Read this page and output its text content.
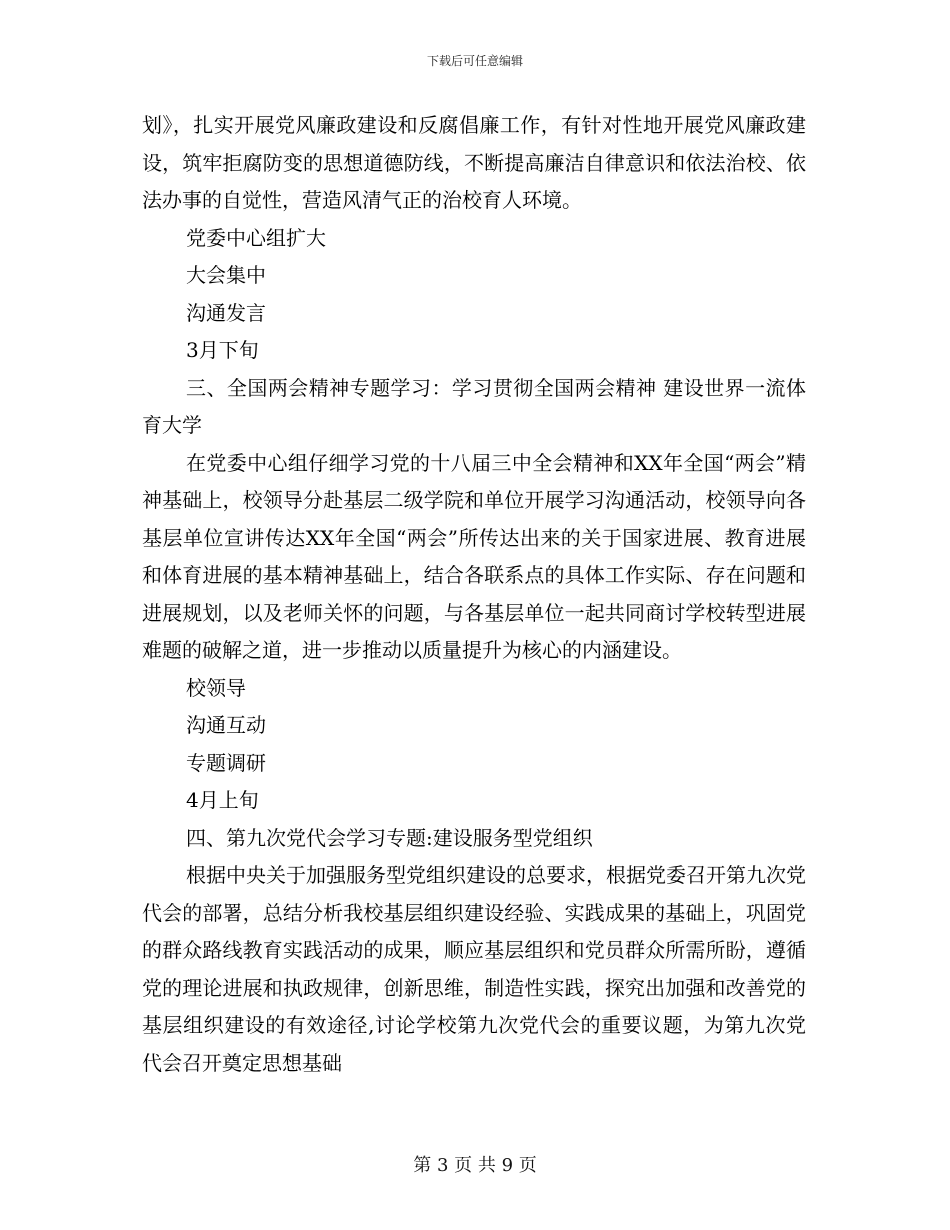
下载后可任意编辑

划》，扎实开展党风廉政建设和反腐倡廉工作，有针对性地开展党风廉政建设，筑牢拒腐防变的思想道德防线，不断提高廉洁自律意识和依法治校、依法办事的自觉性，营造风清气正的治校育人环境。

党委中心组扩大

大会集中

沟通发言

3月下旬

三、全国两会精神专题学习：学习贯彻全国两会精神 建设世界一流体育大学

在党委中心组仔细学习党的十八届三中全会精神和XX年全国“两会”精神基础上，校领导分赴基层二级学院和单位开展学习沟通活动，校领导向各基层单位宣讲传达XX年全国“两会”所传达出来的关于国家进展、教育进展和体育进展的基本精神基础上，结合各联系点的具体工作实际、存在问题和进展规划，以及老师关怀的问题，与各基层单位一起共同商讨学校转型进展难题的破解之道，进一步推动以质量提升为核心的内涵建设。

校领导

沟通互动

专题调研

4月上旬

四、第九次党代会学习专题:建设服务型党组织

根据中央关于加强服务型党组织建设的总要求，根据党委召开第九次党代会的部署，总结分析我校基层组织建设经验、实践成果的基础上，巩固党的群众路线教育实践活动的成果，顺应基层组织和党员群众所需所盼，遵循党的理论进展和执政规律，创新思维，制造性实践，探究出加强和改善党的基层组织建设的有效途径,讨论学校第九次党代会的重要议题，为第九次党代会召开奠定思想基础

第 3 页 共 9 页
